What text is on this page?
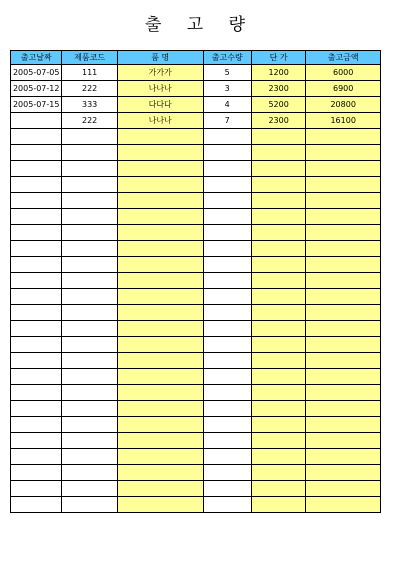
출 고 량
출고날짜	제품코드	품 명	출고수량	단 가	출고금액
2005-07-05	111	가가가	5	1200	6000
2005-07-12	222	나나나	3	2300	6900
2005-07-15	333	다다다	4	5200	20800
	222	나나나	7	2300	16100
